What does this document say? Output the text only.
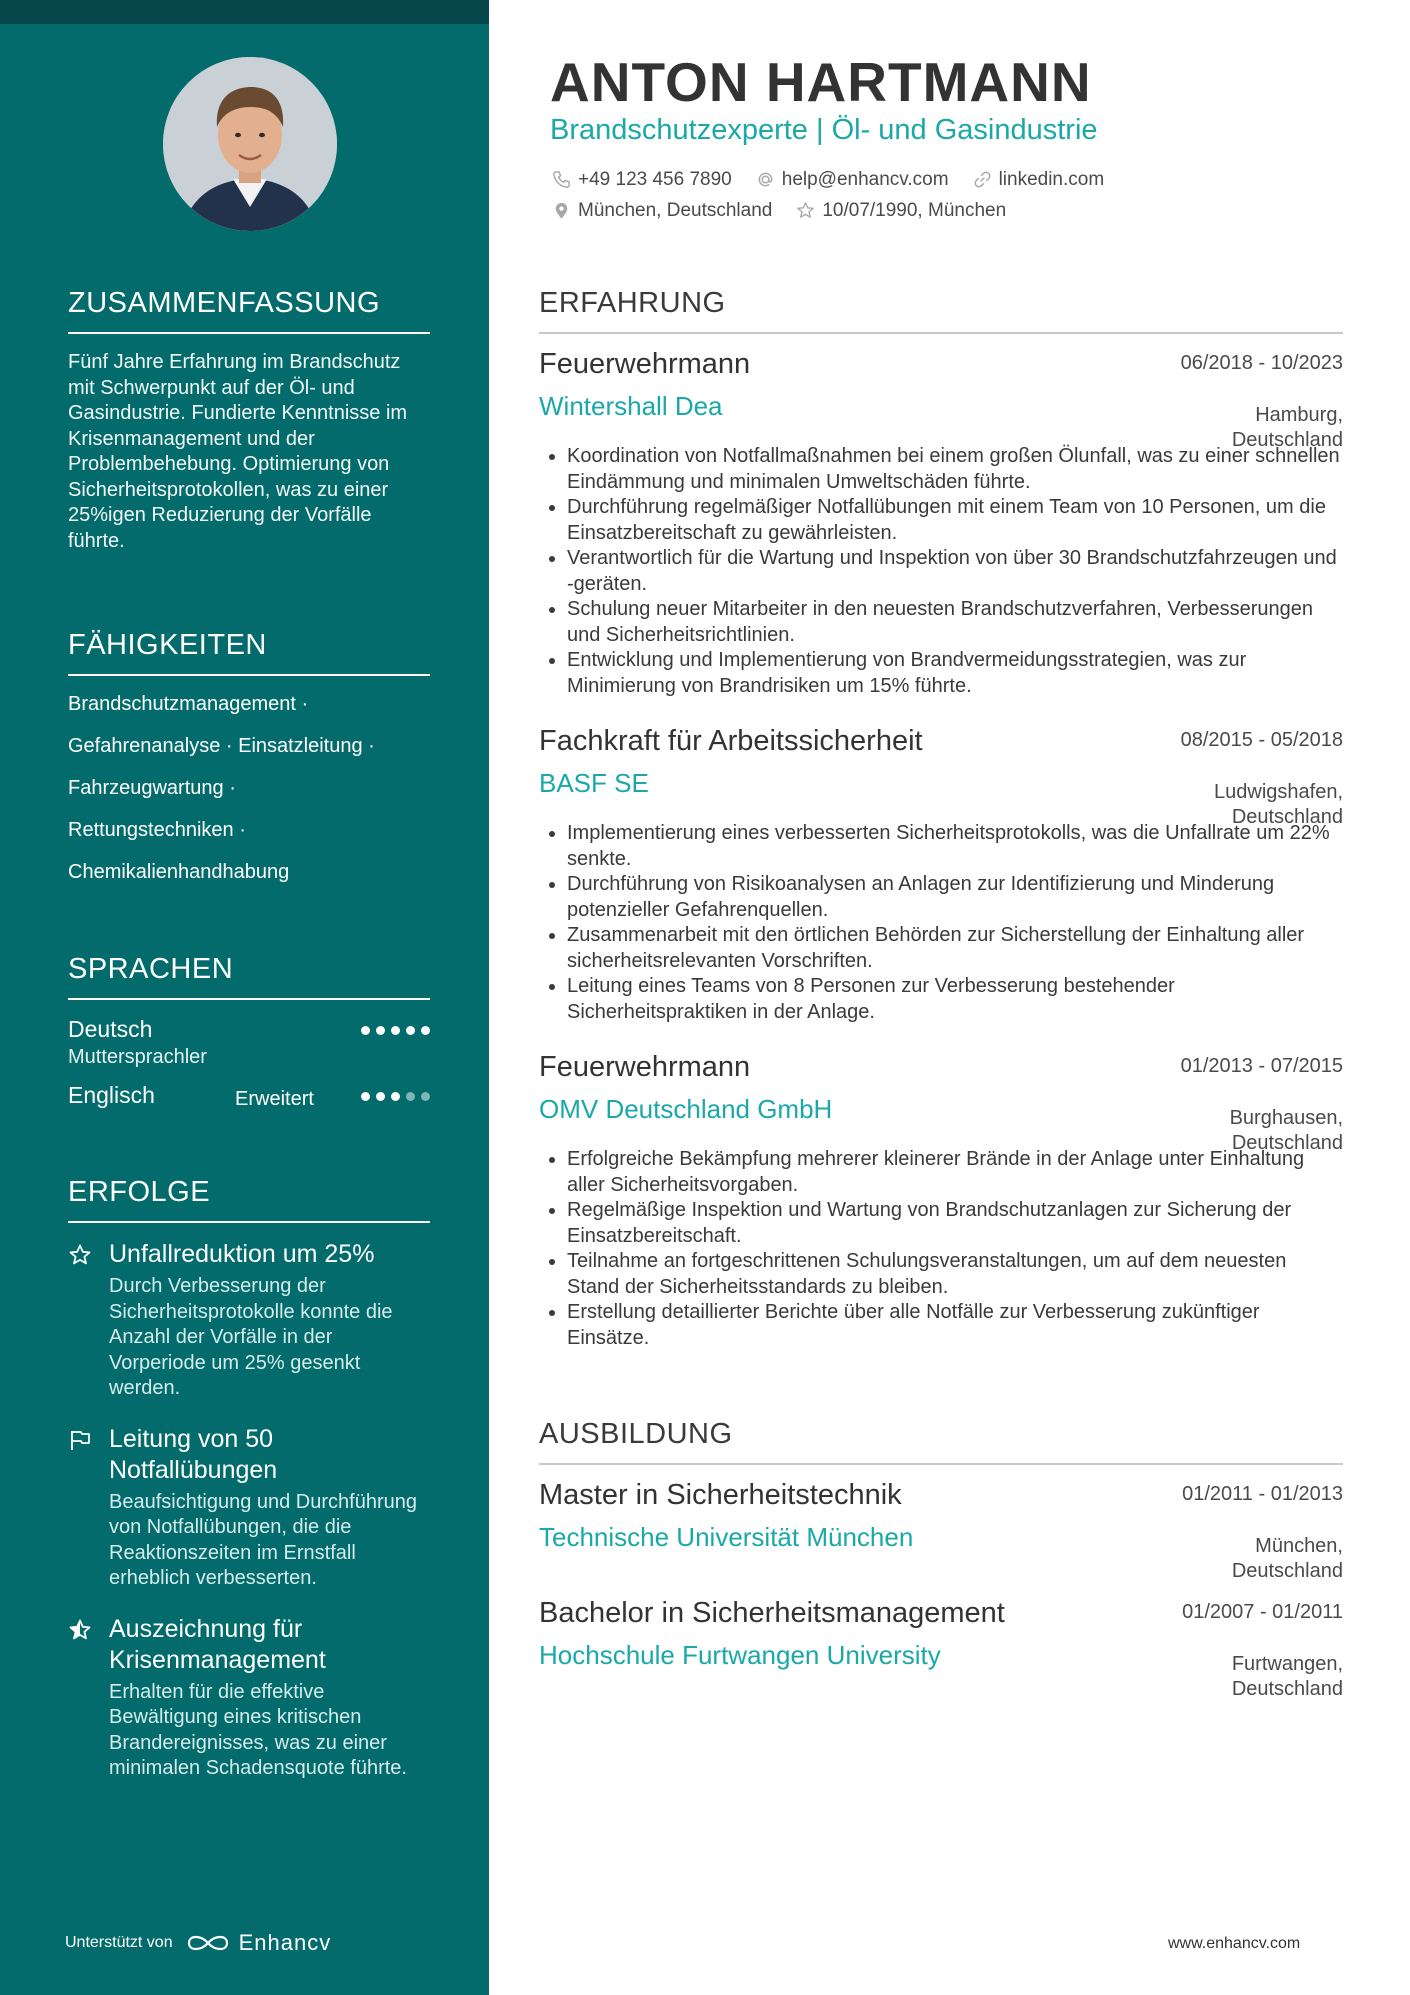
ZUSAMMENFASSUNG
Fünf Jahre Erfahrung im Brandschutz mit Schwerpunkt auf der Öl- und Gasindustrie. Fundierte Kenntnisse im Krisenmanagement und der Problembehebung. Optimierung von Sicherheitsprotokollen, was zu einer 25%igen Reduzierung der Vorfälle führte.
FÄHIGKEITEN
Brandschutzmanagement ·
Gefahrenanalyse · Einsatzleitung ·
Fahrzeugwartung ·
Rettungstechniken ·
Chemikalienhandhabung
SPRACHEN
Deutsch
Muttersprachler
Englisch	Erweitert
ERFOLGE
Unfallreduktion um 25%
Durch Verbesserung der Sicherheitsprotokolle konnte die Anzahl der Vorfälle in der Vorperiode um 25% gesenkt werden.
Leitung von 50 Notfallübungen
Beaufsichtigung und Durchführung von Notfallübungen, die die Reaktionszeiten im Ernstfall erheblich verbesserten.
Auszeichnung für Krisenmanagement
Erhalten für die effektive Bewältigung eines kritischen Brandereignisses, was zu einer minimalen Schadensquote führte.
Unterstützt von	Enhancv
ANTON HARTMANN
Brandschutzexperte | Öl- und Gasindustrie
+49 123 456 7890	help@enhancv.com	linkedin.com
München, Deutschland	10/07/1990, München
ERFAHRUNG
Feuerwehrmann	06/2018 - 10/2023
Wintershall Dea	Hamburg,
Deutschland
• Koordination von Notfallmaßnahmen bei einem großen Ölunfall, was zu einer schnellen Eindämmung und minimalen Umweltschäden führte.
• Durchführung regelmäßiger Notfallübungen mit einem Team von 10 Personen, um die Einsatzbereitschaft zu gewährleisten.
• Verantwortlich für die Wartung und Inspektion von über 30 Brandschutzfahrzeugen und -geräten.
• Schulung neuer Mitarbeiter in den neuesten Brandschutzverfahren, Verbesserungen und Sicherheitsrichtlinien.
• Entwicklung und Implementierung von Brandvermeidungsstrategien, was zur Minimierung von Brandrisiken um 15% führte.
Fachkraft für Arbeitssicherheit	08/2015 - 05/2018
BASF SE	Ludwigshafen,
Deutschland
• Implementierung eines verbesserten Sicherheitsprotokolls, was die Unfallrate um 22% senkte.
• Durchführung von Risikoanalysen an Anlagen zur Identifizierung und Minderung potenzieller Gefahrenquellen.
• Zusammenarbeit mit den örtlichen Behörden zur Sicherstellung der Einhaltung aller sicherheitsrelevanten Vorschriften.
• Leitung eines Teams von 8 Personen zur Verbesserung bestehender Sicherheitspraktiken in der Anlage.
Feuerwehrmann	01/2013 - 07/2015
OMV Deutschland GmbH	Burghausen,
Deutschland
• Erfolgreiche Bekämpfung mehrerer kleinerer Brände in der Anlage unter Einhaltung aller Sicherheitsvorgaben.
• Regelmäßige Inspektion und Wartung von Brandschutzanlagen zur Sicherung der Einsatzbereitschaft.
• Teilnahme an fortgeschrittenen Schulungsveranstaltungen, um auf dem neuesten Stand der Sicherheitsstandards zu bleiben.
• Erstellung detaillierter Berichte über alle Notfälle zur Verbesserung zukünftiger Einsätze.
AUSBILDUNG
Master in Sicherheitstechnik	01/2011 - 01/2013
Technische Universität München	München,
Deutschland
Bachelor in Sicherheitsmanagement	01/2007 - 01/2011
Hochschule Furtwangen University	Furtwangen,
Deutschland
www.enhancv.com
